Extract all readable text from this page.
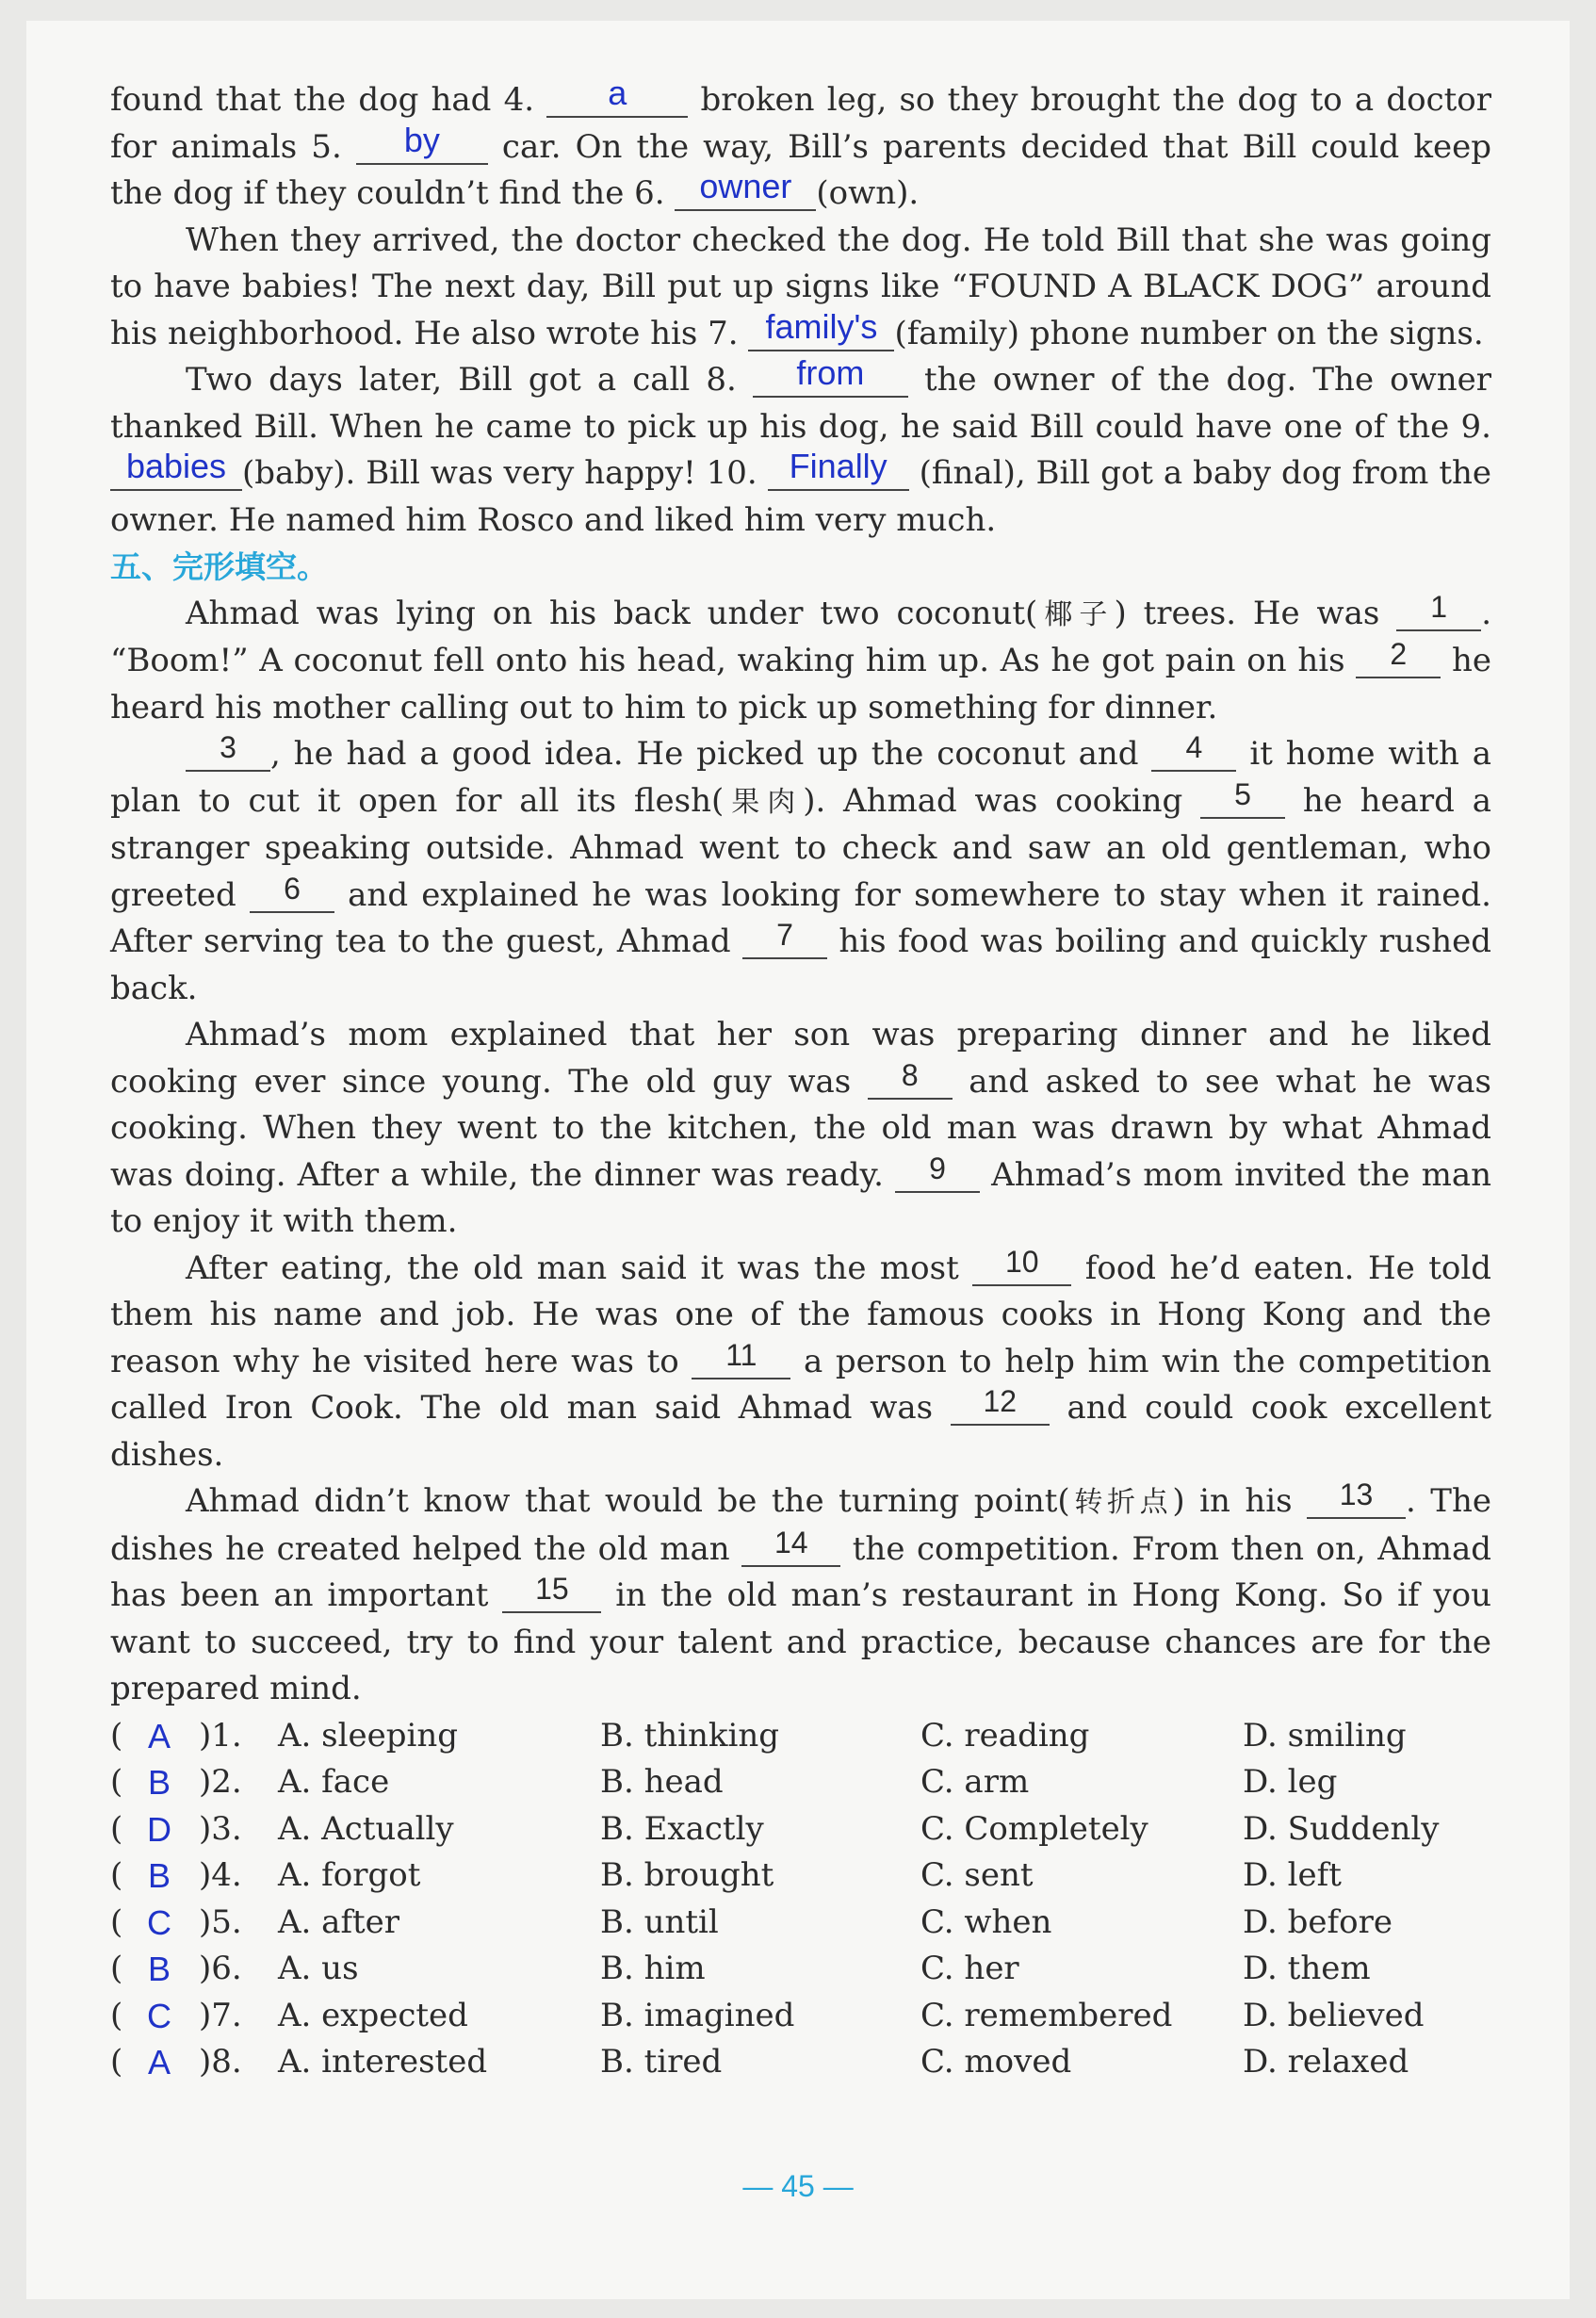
found that the dog had 4.	a	broken leg, so they brought the dog to a doctor for animals 5.	by	car. On the way, Bill’s parents decided that Bill could keep the dog if they couldn’t find the 6.	owner (own).

When they arrived, the doctor checked the dog. He told Bill that she was going to have babies! The next day, Bill put up signs like “FOUND A BLACK DOG” around his neighborhood. He also wrote his 7. family's (family) phone number on the signs.

Two days later, Bill got a call 8.	from	the owner of the dog. The owner thanked Bill. When he came to pick up his dog, he said Bill could have one of the 9.
babies (baby). Bill was very happy! 10. Finally (final), Bill got a baby dog from the owner. He named him Rosco and liked him very much.

五、完形填空。

Ahmad was lying on his back under two coconut(椰子) trees. He was	1	. “Boom!” A coconut fell onto his head, waking him up. As he got pain on his	2	he heard his mother calling out to him to pick up something for dinner.

3	, he had a good idea. He picked up the coconut and	4	it home with a plan to cut it open for all its flesh(果肉). Ahmad was cooking	5	he heard a stranger speaking outside. Ahmad went to check and saw an old gentleman, who greeted	6	and explained he was looking for somewhere to stay when it rained. After serving tea to the guest, Ahmad	7	his food was boiling and quickly rushed back.

Ahmad’s mom explained that her son was preparing dinner and he liked cooking ever since young. The old guy was	8	and asked to see what he was cooking. When they went to the kitchen, the old man was drawn by what Ahmad was doing. After a while, the dinner was ready.	9	Ahmad’s mom invited the man to enjoy it with them.

After eating, the old man said it was the most	10	food he’d eaten. He told them his name and job. He was one of the famous cooks in Hong Kong and the reason why he visited here was to	11	a person to help him win the competition called Iron Cook. The old man said Ahmad was	12	and could cook excellent dishes.

Ahmad didn’t know that would be the turning point(转折点) in his	13	. The dishes he created helped the old man	14	the competition. From then on, Ahmad has been an important	15	in the old man’s restaurant in Hong Kong. So if you want to succeed, try to find your talent and practice, because chances are for the prepared mind.

( A )1. A. sleeping	B. thinking	C. reading	D. smiling
( B )2. A. face	B. head	C. arm	D. leg
( D )3. A. Actually	B. Exactly	C. Completely	D. Suddenly
( B )4. A. forgot	B. brought	C. sent	D. left
( C )5. A. after	B. until	C. when	D. before
( B )6. A. us	B. him	C. her	D. them
( C )7. A. expected	B. imagined	C. remembered D. believed
( A )8. A. interested	B. tired	C. moved	D. relaxed
— 45 —
